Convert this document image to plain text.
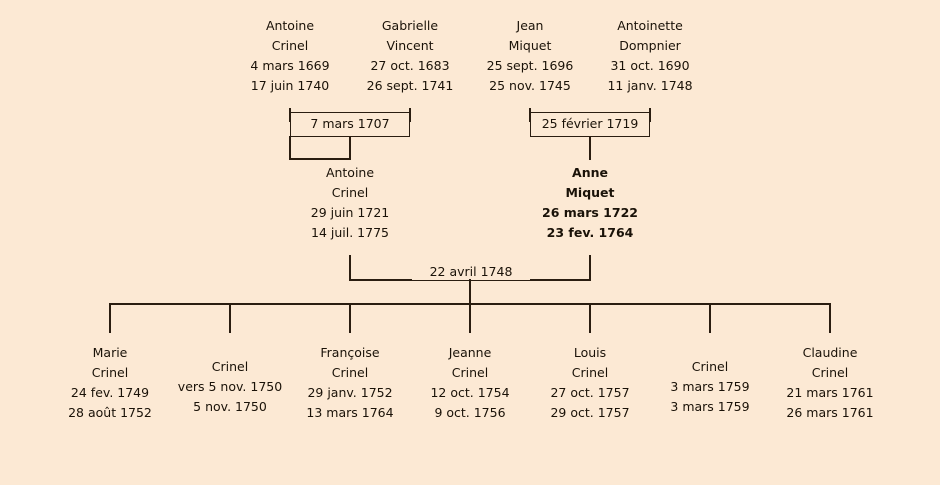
Antoine
Crinel
4 mars 1669
17 juin 1740
Gabrielle
Vincent
27 oct. 1683
26 sept. 1741
Jean
Miquet
25 sept. 1696
25 nov. 1745
Antoinette
Dompnier
31 oct. 1690
11 janv. 1748
7 mars 1707	25 février 1719
Antoine
Crinel
29 juin 1721
14 juil. 1775
Anne
Miquet
26 mars 1722
23 fev. 1764
22 avril 1748
Marie
Crinel
24 fev. 1749
28 août 1752
Crinel
vers 5 nov. 1750
5 nov. 1750
Françoise
Crinel
29 janv. 1752
13 mars 1764
Jeanne
Crinel
12 oct. 1754
9 oct. 1756
Louis
Crinel
27 oct. 1757
29 oct. 1757
Crinel
3 mars 1759
3 mars 1759
Claudine
Crinel
21 mars 1761
26 mars 1761
